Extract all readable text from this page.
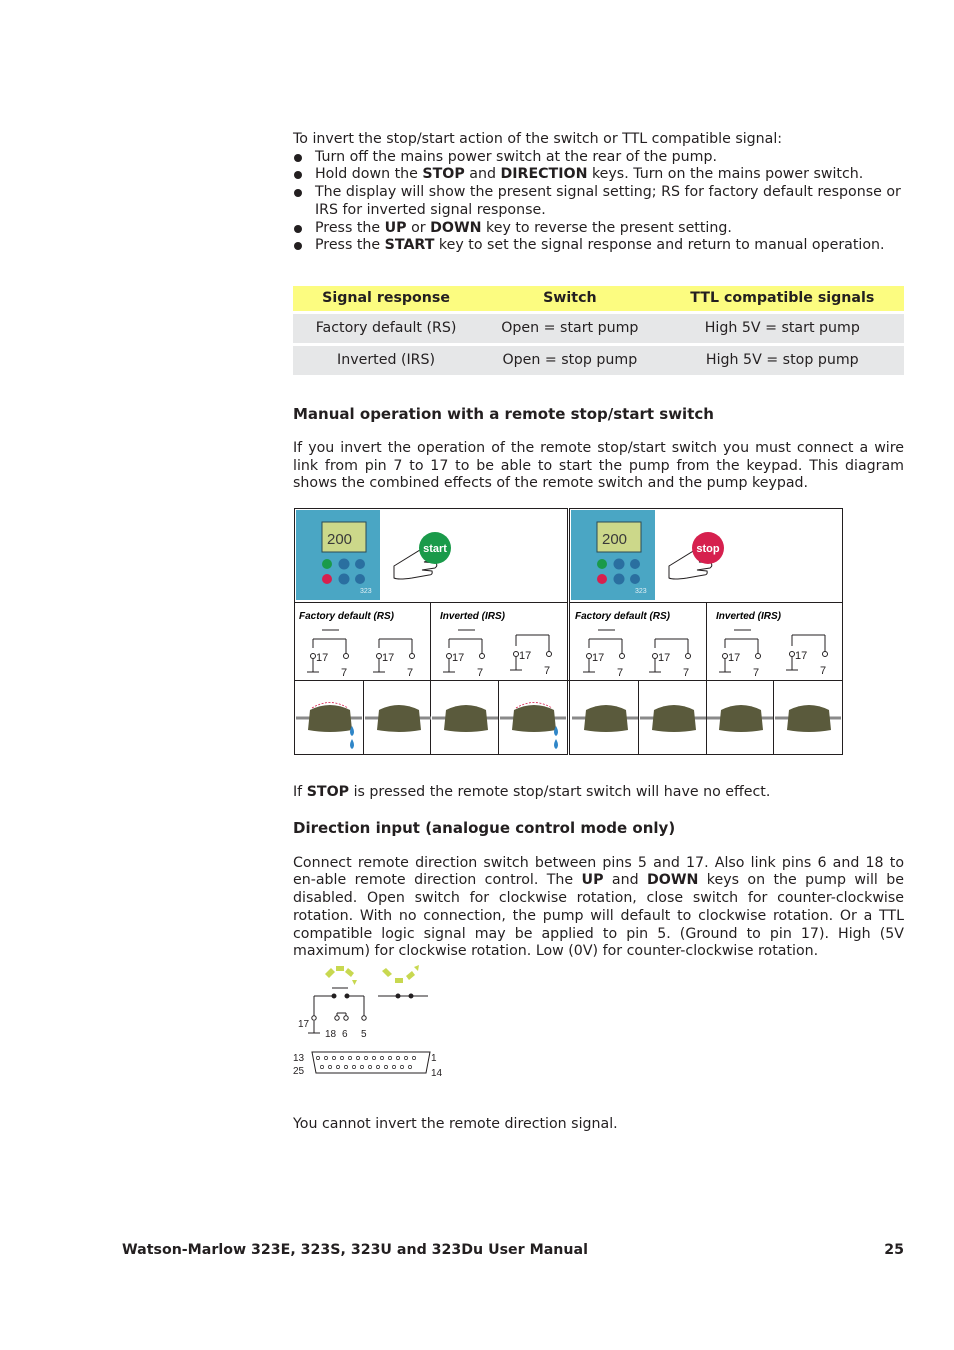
To invert the stop/start action of the switch or TTL compatible signal:

Turn off the mains power switch at the rear of the pump.
Hold down the STOP and DIRECTION keys. Turn on the mains power switch.
The display will show the present signal setting; RS for factory default response or IRS for inverted signal response.
Press the UP or DOWN key to reverse the present setting.
Press the START key to set the signal response and return to manual operation.
Signal response	Switch	TTL compatible signals
Factory default (RS)	Open = start pump	High 5V = start pump
Inverted (IRS)	Open = stop pump	High 5V = stop pump
Manual operation with a remote stop/start switch

If you invert the operation of the remote stop/start switch you must connect a wire link from pin 7 to 17 to be able to start the pump from the keypad. This diagram shows the combined effects of the remote switch and the pump keypad.

If STOP is pressed the remote stop/start switch will have no effect.

Direction input (analogue control mode only)

Connect remote direction switch between pins 5 and 17. Also link pins 6 and 18 to en-able remote direction control. The UP and DOWN keys on the pump will be disabled. Open switch for clockwise rotation, close switch for counter-clockwise rotation. With no connection, the pump will default to clockwise rotation. Or a TTL compatible logic signal may be applied to pin 5. (Ground to pin 17). High (5V maximum) for clockwise rotation. Low (0V) for counter-clockwise rotation.

You cannot invert the remote direction signal.

200
323
start
200
323
stop
Factory default (RS)	Inverted (IRS)	Factory default (RS)	Inverted (IRS)
17
7
17
7
17
7
17
7
17
7
17
7
17
7
17
7
17
18 6 5
13
25
1
14
Watson-Marlow 323E, 323S, 323U and 323Du User Manual	25
